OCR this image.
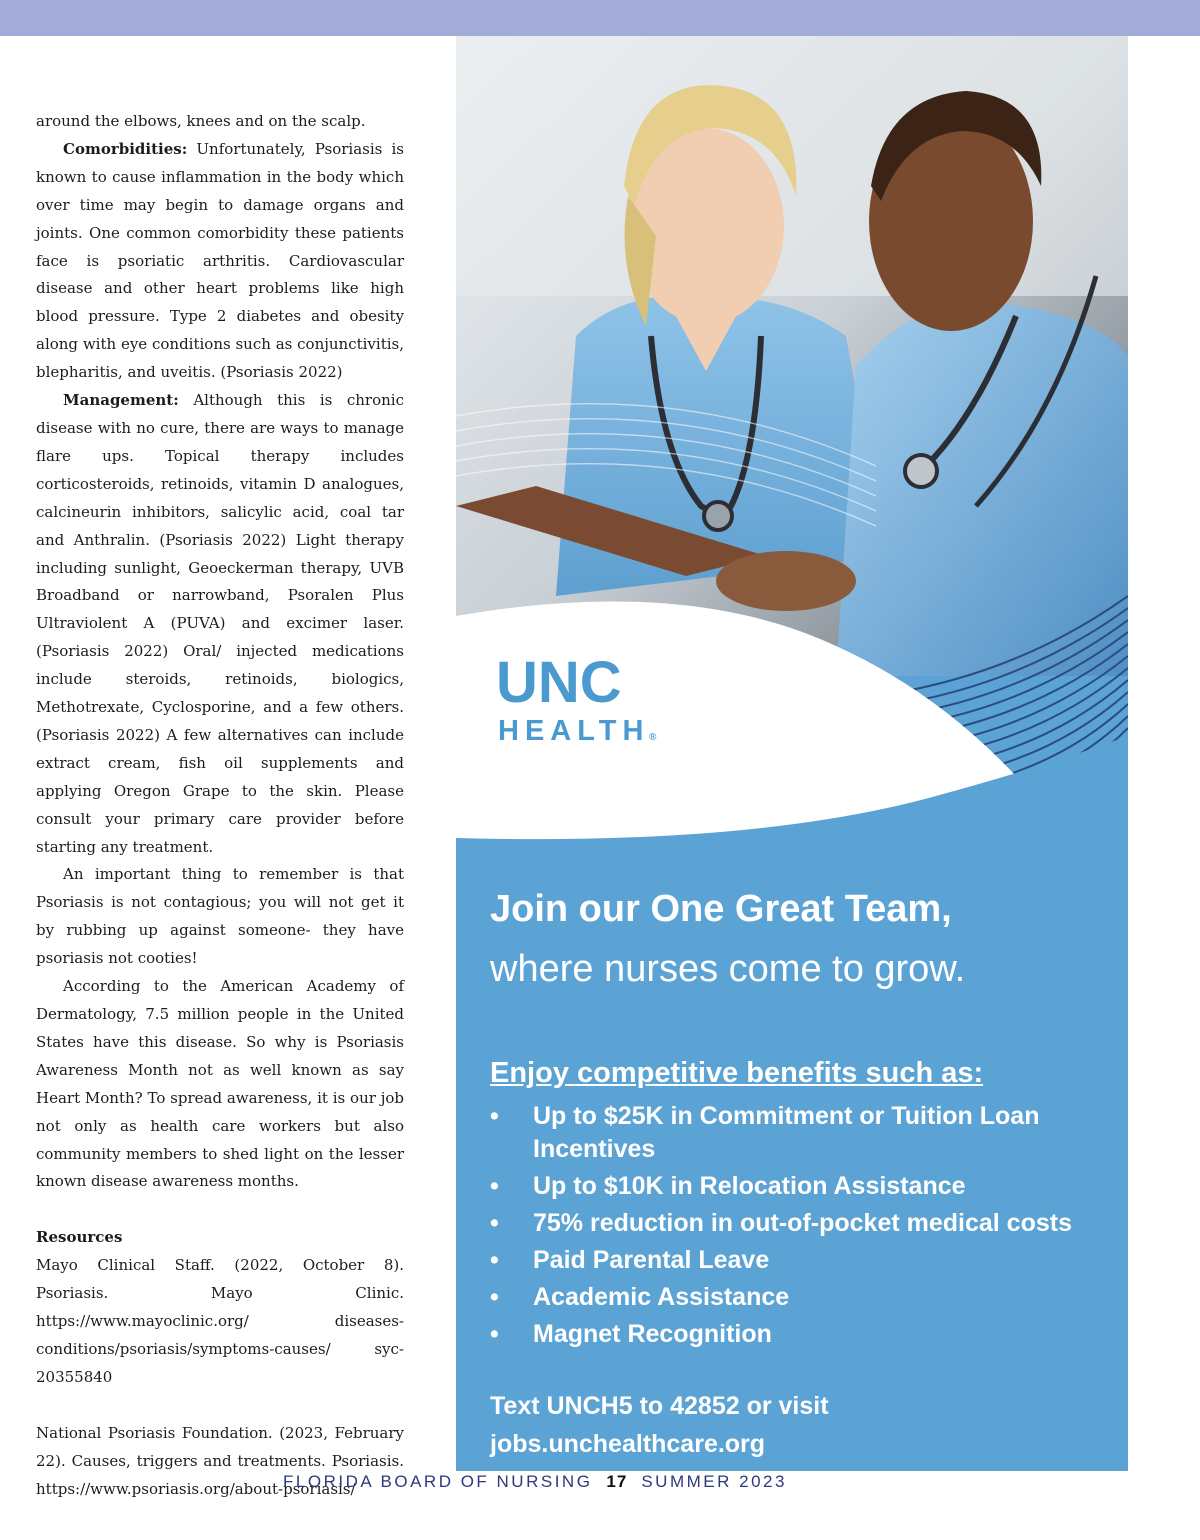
around the elbows, knees and on the scalp.

Comorbidities: Unfortunately, Psoriasis is known to cause inflammation in the body which over time may begin to damage organs and joints. One common comorbidity these patients face is psoriatic arthritis. Cardiovascular disease and other heart problems like high blood pressure. Type 2 diabetes and obesity along with eye conditions such as conjunctivitis, blepharitis, and uveitis. (Psoriasis 2022)

Management: Although this is chronic disease with no cure, there are ways to manage flare ups. Topical therapy includes corticosteroids, retinoids, vitamin D analogues, calcineurin inhibitors, salicylic acid, coal tar and Anthralin. (Psoriasis 2022) Light therapy including sunlight, Geoeckerman therapy, UVB Broadband or narrowband, Psoralen Plus Ultraviolent A (PUVA) and excimer laser. (Psoriasis 2022) Oral/ injected medications include steroids, retinoids, biologics, Methotrexate, Cyclosporine, and a few others. (Psoriasis 2022) A few alternatives can include extract cream, fish oil supplements and applying Oregon Grape to the skin. Please consult your primary care provider before starting any treatment.

An important thing to remember is that Psoriasis is not contagious; you will not get it by rubbing up against someone- they have psoriasis not cooties!

According to the American Academy of Dermatology, 7.5 million people in the United States have this disease. So why is Psoriasis Awareness Month not as well known as say Heart Month? To spread awareness, it is our job not only as health care workers but also community members to shed light on the lesser known disease awareness months.

Resources

Mayo Clinical Staff. (2022, October 8). Psoriasis. Mayo Clinic. https://www.mayoclinic.org/ diseases-conditions/psoriasis/symptoms-causes/ syc-20355840

National Psoriasis Foundation. (2023, February 22). Causes, triggers and treatments. Psoriasis. https://www.psoriasis.org/about-psoriasis/

UNC
HEALTH ®

Join our One Great Team,

where nurses come to grow.

Enjoy competitive benefits such as:

• Up to $25K in Commitment or Tuition Loan Incentives
• Up to $10K in Relocation Assistance
• 75% reduction in out-of-pocket medical costs
• Paid Parental Leave
• Academic Assistance
• Magnet Recognition
Text UNCH5 to 42852 or visit
jobs.unchealthcare.org
FLORIDA BOARD OF NURSING 17 SUMMER 2023
